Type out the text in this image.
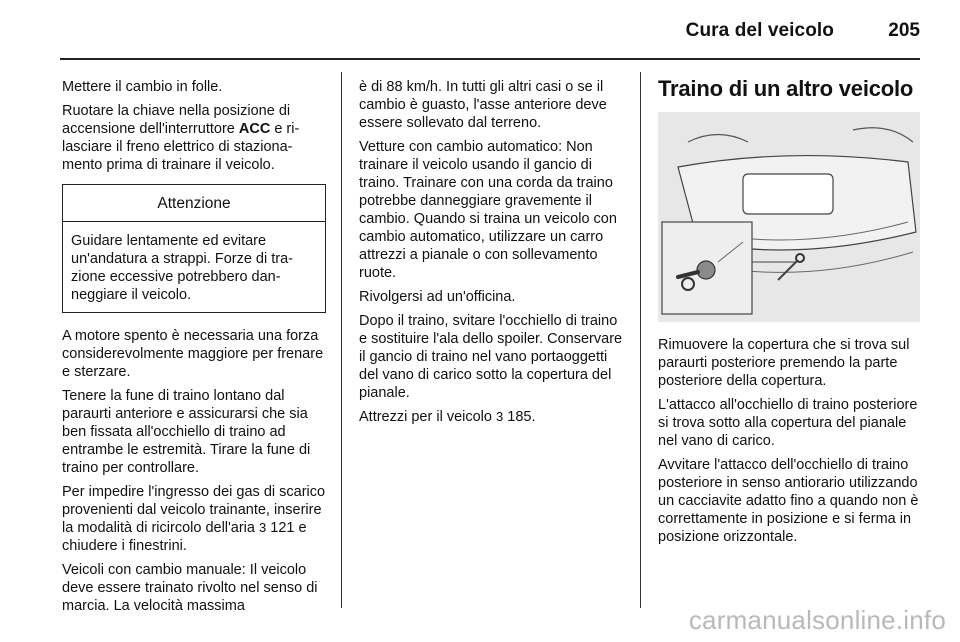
Cura del veicolo	205

Mettere il cambio in folle.

Ruotare la chiave nella posizione di accensione dell'interruttore ACC e rilasciare il freno elettrico di stazionamento prima di trainare il veicolo.

Attenzione
Guidare lentamente ed evitare un'andatura a strappi. Forze di trazione eccessive potrebbero danneggiare il veicolo.

A motore spento è necessaria una forza considerevolmente maggiore per frenare e sterzare.

Tenere la fune di traino lontano dal paraurti anteriore e assicurarsi che sia ben fissata all'occhiello di traino ad entrambe le estremità. Tirare la fune di traino per controllare.

Per impedire l'ingresso dei gas di scarico provenienti dal veicolo trainante, inserire la modalità di ricircolo dell'aria 3 121 e chiudere i finestrini.

Veicoli con cambio manuale: Il veicolo deve essere trainato rivolto nel senso di marcia. La velocità massima

è di 88 km/h. In tutti gli altri casi o se il cambio è guasto, l'asse anteriore deve essere sollevato dal terreno.

Vetture con cambio automatico: Non trainare il veicolo usando il gancio di traino. Trainare con una corda da traino potrebbe danneggiare gravemente il cambio. Quando si traina un veicolo con cambio automatico, utilizzare un carro attrezzi a pianale o con sollevamento ruote.

Rivolgersi ad un'officina.

Dopo il traino, svitare l'occhiello di traino e sostituire l'ala dello spoiler. Conservare il gancio di traino nel vano portaoggetti del vano di carico sotto la copertura del pianale.

Attrezzi per il veicolo 3 185.

Traino di un altro veicolo

Rimuovere la copertura che si trova sul paraurti posteriore premendo la parte posteriore della copertura.

L'attacco all'occhiello di traino posteriore si trova sotto alla copertura del pianale nel vano di carico.

Avvitare l'attacco dell'occhiello di traino posteriore in senso antiorario utilizzando un cacciavite adatto fino a quando non è correttamente in posizione e si ferma in posizione orizzontale.

carmanualsonline.info
